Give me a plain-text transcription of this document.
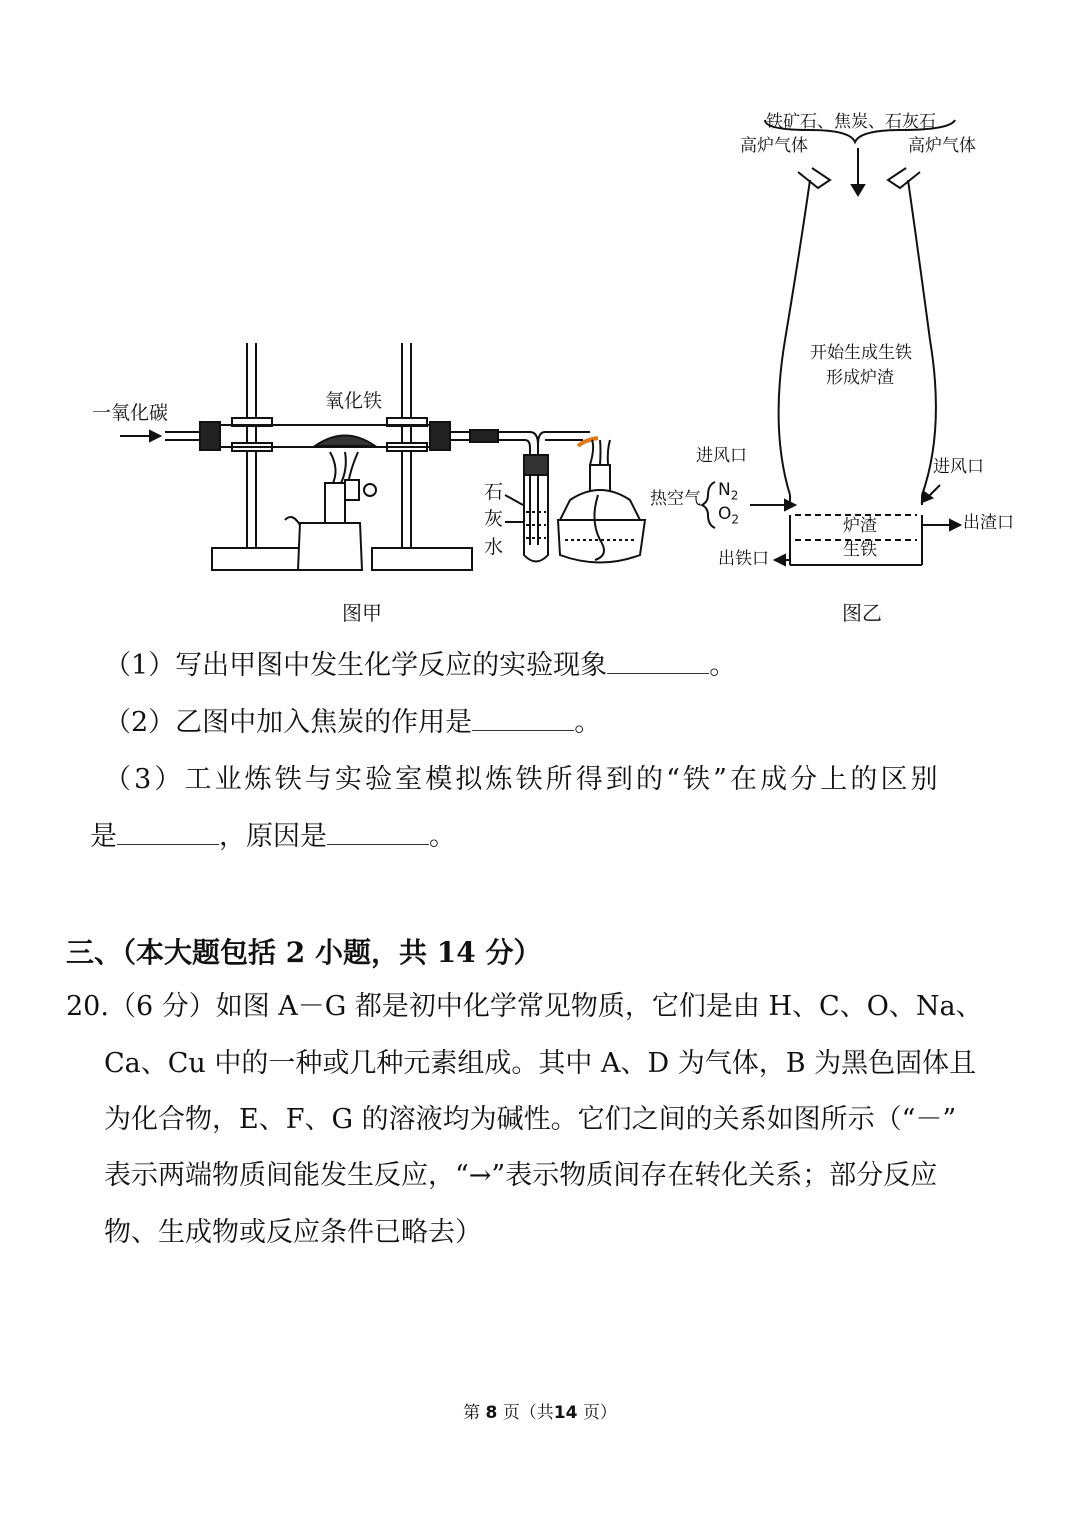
一氧化碳
氧化铁
石
灰
水
图甲
铁矿石、焦炭、石灰石
高炉气体	高炉气体
开始生成生铁
形成炉渣
进风口
进风口
热空气 $N_2$
$O_2$	炉渣
生铁
出渣口
出铁口
图乙
（1）写出甲图中发生化学反应的实验现象	。
（2）乙图中加入焦炭的作用是	。
（3）工业炼铁与实验室模拟炼铁所得到的“铁”在成分上的区别
是	，原因是	。
三、（本大题包括 2 小题，共 14 分）
20.（6 分）如图 A－G 都是初中化学常见物质，它们是由 H、C、O、Na、
Ca、Cu 中的一种或几种元素组成。其中 A、D 为气体，B 为黑色固体且
为化合物，E、F、G 的溶液均为碱性。它们之间的关系如图所示（“－”
表示两端物质间能发生反应，“→”表示物质间存在转化关系；部分反应
物、生成物或反应条件已略去）
第 8 页（共14 页）
